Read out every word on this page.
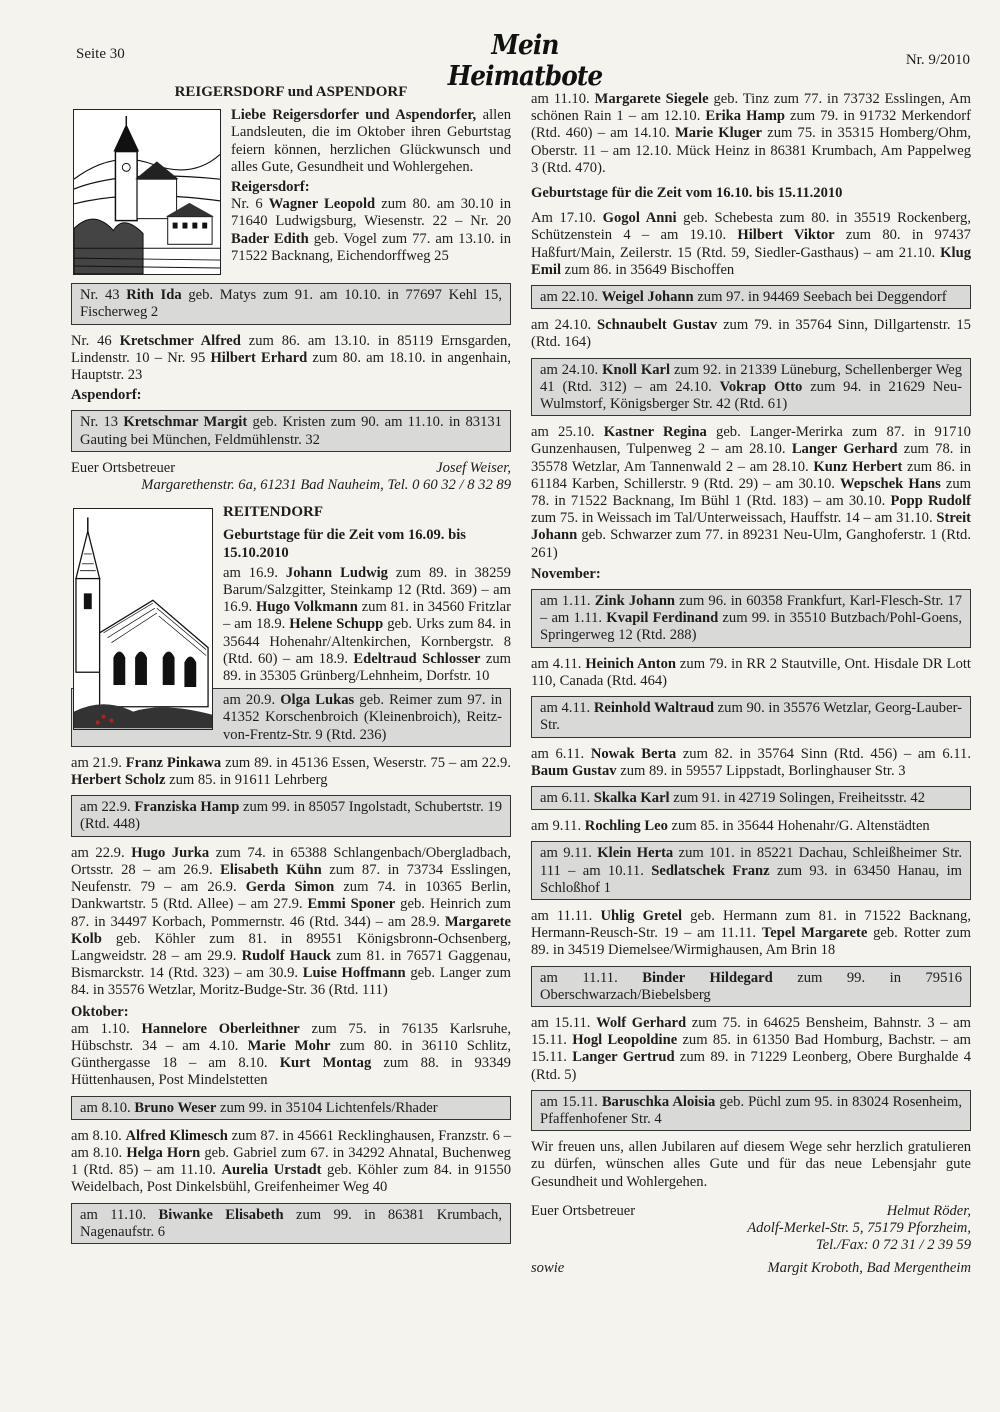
Seite 30	Mein Heimatbote
Nr. 9/2010
REIGERSDORF und ASPENDORF
Liebe Reigersdorfer und Aspendorfer, allen Landsleuten, die im Oktober ihren Geburtstag feiern können, herzlichen Glückwunsch und alles Gute, Gesundheit und Wohlergehen.
Reigersdorf:
Nr. 6 Wagner Leopold zum 80. am 30.10 in 71640 Ludwigsburg, Wiesenstr. 22 – Nr. 20 Bader Edith geb. Vogel zum 77. am 13.10. in 71522 Backnang, Eichendorffweg 25
Nr. 43 Rith Ida geb. Matys zum 91. am 10.10. in 77697 Kehl 15, Fischerweg 2
Nr. 46 Kretschmer Alfred zum 86. am 13.10. in 85119 Ernsgarden, Lindenstr. 10 – Nr. 95 Hilbert Erhard zum 80. am 18.10. in angenhain, Hauptstr. 23
Aspendorf:
Nr. 13 Kretschmar Margit geb. Kristen zum 90. am 11.10. in 83131 Gauting bei München, Feldmühlenstr. 32
Euer Ortsbetreuer	Josef Weiser,
Margarethenstr. 6a, 61231 Bad Nauheim, Tel. 0 60 32 / 8 32 89
REITENDORF
Geburtstage für die Zeit vom 16.09. bis 15.10.2010
am 16.9. Johann Ludwig zum 89. in 38259 Barum/Salzgitter, Steinkamp 12 (Rtd. 369) – am 16.9. Hugo Volkmann zum 81. in 34560 Fritzlar – am 18.9. Helene Schupp geb. Urks zum 84. in 35644 Hohenahr/Altenkirchen, Kornbergstr. 8 (Rtd. 60) – am 18.9. Edeltraud Schlosser zum 89. in 35305 Grünberg/Lehnheim, Dorfstr. 10
am 20.9. Olga Lukas geb. Reimer zum 97. in 41352 Korschenbroich (Kleinenbroich), Reitz-von-Frentz-Str. 9 (Rtd. 236)
am 21.9. Franz Pinkawa zum 89. in 45136 Essen, Weserstr. 75 – am 22.9. Herbert Scholz zum 85. in 91611 Lehrberg
am 22.9. Franziska Hamp zum 99. in 85057 Ingolstadt, Schubertstr. 19 (Rtd. 448)
am 22.9. Hugo Jurka zum 74. in 65388 Schlangenbach/Obergladbach, Ortsstr. 28 – am 26.9. Elisabeth Kühn zum 87. in 73734 Esslingen, Neufenstr. 79 – am 26.9. Gerda Simon zum 74. in 10365 Berlin, Dankwartstr. 5 (Rtd. Allee) – am 27.9. Emmi Sponer geb. Heinrich zum 87. in 34497 Korbach, Pommernstr. 46 (Rtd. 344) – am 28.9. Margarete Kolb geb. Köhler zum 81. in 89551 Königsbronn-Ochsenberg, Langweidstr. 28 – am 29.9. Rudolf Hauck zum 81. in 76571 Gaggenau, Bismarckstr. 14 (Rtd. 323) – am 30.9. Luise Hoffmann geb. Langer zum 84. in 35576 Wetzlar, Moritz-Budge-Str. 36 (Rtd. 111)
Oktober:
am 1.10. Hannelore Oberleithner zum 75. in 76135 Karlsruhe, Hübschstr. 34 – am 4.10. Marie Mohr zum 80. in 36110 Schlitz, Günthergasse 18 – am 8.10. Kurt Montag zum 88. in 93349 Hüttenhausen, Post Mindelstetten
am 8.10. Bruno Weser zum 99. in 35104 Lichtenfels/Rhader
am 8.10. Alfred Klimesch zum 87. in 45661 Recklinghausen, Franzstr. 6 – am 8.10. Helga Horn geb. Gabriel zum 67. in 34292 Ahnatal, Buchenweg 1 (Rtd. 85) – am 11.10. Aurelia Urstadt geb. Köhler zum 84. in 91550 Weidelbach, Post Dinkelsbühl, Greifenheimer Weg 40
am 11.10. Biwanke Elisabeth zum 99. in 86381 Krumbach, Nagenaufstr. 6
am 11.10. Margarete Siegele geb. Tinz zum 77. in 73732 Esslingen, Am schönen Rain 1 – am 12.10. Erika Hamp zum 79. in 91732 Merkendorf (Rtd. 460) – am 14.10. Marie Kluger zum 75. in 35315 Homberg/Ohm, Oberstr. 11 – am 12.10. Mück Heinz in 86381 Krumbach, Am Pappelweg 3 (Rtd. 470).
Geburtstage für die Zeit vom 16.10. bis 15.11.2010
Am 17.10. Gogol Anni geb. Schebesta zum 80. in 35519 Rockenberg, Schützenstein 4 – am 19.10. Hilbert Viktor zum 80. in 97437 Haßfurt/Main, Zeilerstr. 15 (Rtd. 59, Siedler-Gasthaus) – am 21.10. Klug Emil zum 86. in 35649 Bischoffen
am 22.10. Weigel Johann zum 97. in 94469 Seebach bei Deggendorf
am 24.10. Schnaubelt Gustav zum 79. in 35764 Sinn, Dillgartenstr. 15 (Rtd. 164)
am 24.10. Knoll Karl zum 92. in 21339 Lüneburg, Schellenberger Weg 41 (Rtd. 312) – am 24.10. Vokrap Otto zum 94. in 21629 Neu-Wulmstorf, Königsberger Str. 42 (Rtd. 61)
am 25.10. Kastner Regina geb. Langer-Merirka zum 87. in 91710 Gunzenhausen, Tulpenweg 2 – am 28.10. Langer Gerhard zum 78. in 35578 Wetzlar, Am Tannenwald 2 – am 28.10. Kunz Herbert zum 86. in 61184 Karben, Schillerstr. 9 (Rtd. 29) – am 30.10. Wepschek Hans zum 78. in 71522 Backnang, Im Bühl 1 (Rtd. 183) – am 30.10. Popp Rudolf zum 75. in Weissach im Tal/Unterweissach, Hauffstr. 14 – am 31.10. Streit Johann geb. Schwarzer zum 77. in 89231 Neu-Ulm, Ganghoferstr. 1 (Rtd. 261)
November:
am 1.11. Zink Johann zum 96. in 60358 Frankfurt, Karl-Flesch-Str. 17 – am 1.11. Kvapil Ferdinand zum 99. in 35510 Butzbach/Pohl-Goens, Springerweg 12 (Rtd. 288)
am 4.11. Heinich Anton zum 79. in RR 2 Stautville, Ont. Hisdale DR Lott 110, Canada (Rtd. 464)
am 4.11. Reinhold Waltraud zum 90. in 35576 Wetzlar, Georg-Lauber-Str.
am 6.11. Nowak Berta zum 82. in 35764 Sinn (Rtd. 456) – am 6.11. Baum Gustav zum 89. in 59557 Lippstadt, Borlinghauser Str. 3
am 6.11. Skalka Karl zum 91. in 42719 Solingen, Freiheitsstr. 42
am 9.11. Rochling Leo zum 85. in 35644 Hohenahr/G. Altenstädten
am 9.11. Klein Herta zum 101. in 85221 Dachau, Schleißheimer Str. 111 – am 10.11. Sedlatschek Franz zum 93. in 63450 Hanau, im Schloßhof 1
am 11.11. Uhlig Gretel geb. Hermann zum 81. in 71522 Backnang, Hermann-Reusch-Str. 19 – am 11.11. Tepel Margarete geb. Rotter zum 89. in 34519 Diemelsee/Wirmighausen, Am Brin 18
am 11.11. Binder Hildegard zum 99. in 79516 Oberschwarzach/Biebelsberg
am 15.11. Wolf Gerhard zum 75. in 64625 Bensheim, Bahnstr. 3 – am 15.11. Hogl Leopoldine zum 85. in 61350 Bad Homburg, Bachstr. – am 15.11. Langer Gertrud zum 89. in 71229 Leonberg, Obere Burghalde 4 (Rtd. 5)
am 15.11. Baruschka Aloisia geb. Püchl zum 95. in 83024 Rosenheim, Pfaffenhofener Str. 4
Wir freuen uns, allen Jubilaren auf diesem Wege sehr herzlich gratulieren zu dürfen, wünschen alles Gute und für das neue Lebensjahr gute Gesundheit und Wohlergehen.
Euer Ortsbetreuer	Helmut Röder,
Adolf-Merkel-Str. 5, 75179 Pforzheim,
Tel./Fax: 0 72 31 / 2 39 59
sowie	Margit Kroboth, Bad Mergentheim
